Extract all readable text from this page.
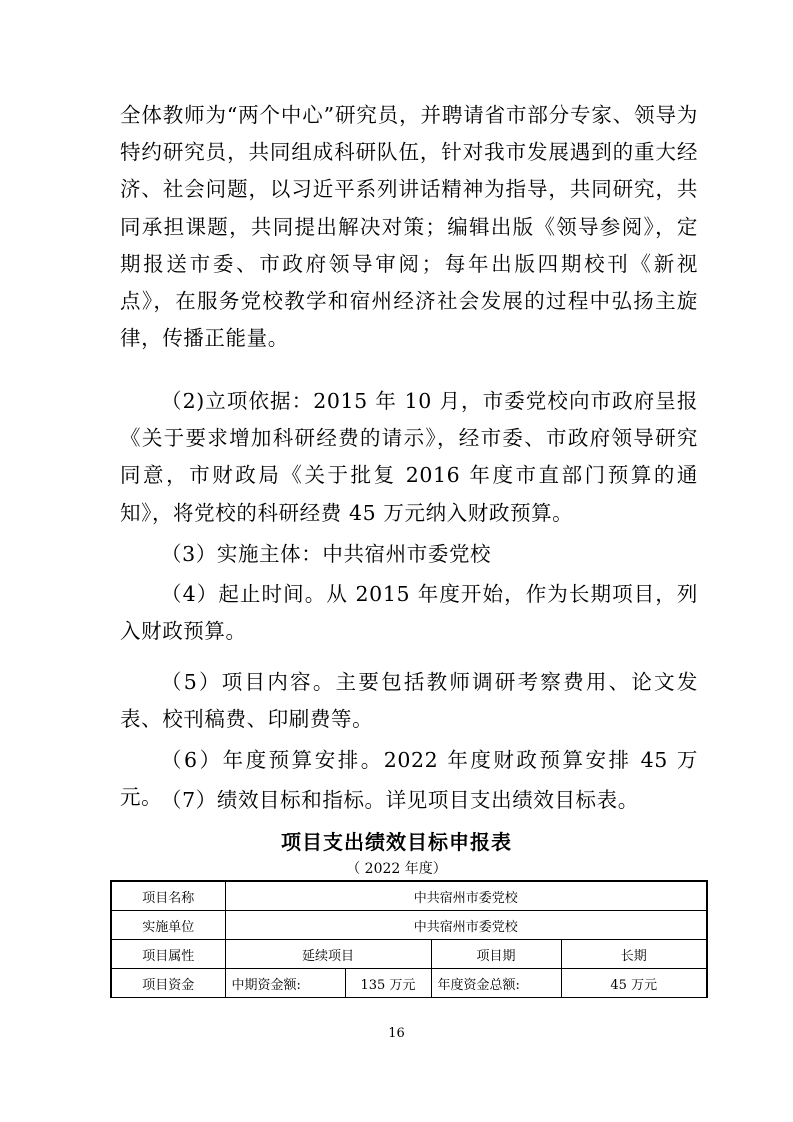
全体教师为“两个中心”研究员，并聘请省市部分专家、领导为特约研究员，共同组成科研队伍，针对我市发展遇到的重大经济、社会问题，以习近平系列讲话精神为指导，共同研究，共同承担课题，共同提出解决对策；编辑出版《领导参阅》，定期报送市委、市政府领导审阅；每年出版四期校刊《新视点》，在服务党校教学和宿州经济社会发展的过程中弘扬主旋律，传播正能量。

（2)立项依据：2015 年 10 月，市委党校向市政府呈报《关于要求增加科研经费的请示》，经市委、市政府领导研究同意，市财政局《关于批复 2016 年度市直部门预算的通知》，将党校的科研经费 45 万元纳入财政预算。

（3）实施主体：中共宿州市委党校

（4）起止时间。从 2015 年度开始，作为长期项目，列入财政预算。

（5）项目内容。主要包括教师调研考察费用、论文发表、校刊稿费、印刷费等。

（6）年度预算安排。2022 年度财政预算安排 45 万元。

（7）绩效目标和指标。详见项目支出绩效目标表。

项目支出绩效目标申报表
（ 2022 年度）
项目名称	中共宿州市委党校			
实施单位	中共宿州市委党校			
项目属性	延续项目		项目期	长期
项目资金	中期资金额:	135 万元	年度资金总额:	45 万元
16
